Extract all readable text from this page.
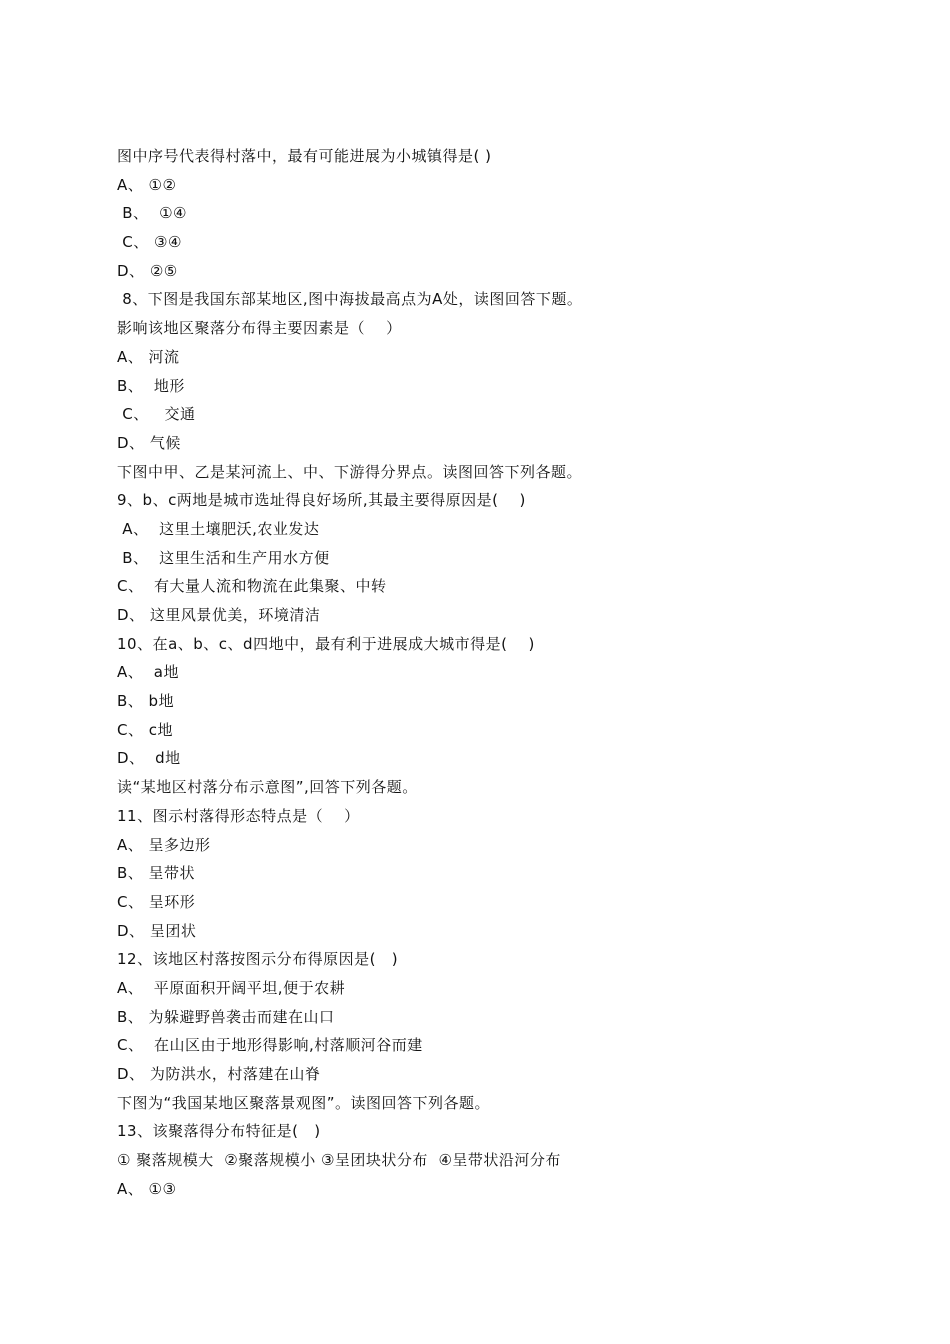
图中序号代表得村落中，最有可能进展为小城镇得是( )
A、 ①②
B、  ①④
C、 ③④
D、 ②⑤
8、下图是我国东部某地区,图中海拔最高点为A处，读图回答下题。
影响该地区聚落分布得主要因素是（    ）
A、 河流
B、  地形
C、   交通
D、 气候
下图中甲、乙是某河流上、中、下游得分界点。读图回答下列各题。
9、b、c两地是城市选址得良好场所,其最主要得原因是(    )
A、  这里土壤肥沃,农业发达
B、  这里生活和生产用水方便
C、  有大量人流和物流在此集聚、中转
D、 这里风景优美，环境清洁
10、在a、b、c、d四地中，最有利于进展成大城市得是(    )
A、  a地
B、 b地
C、 c地
D、  d地
读“某地区村落分布示意图”,回答下列各题。
11、图示村落得形态特点是（    ）
A、 呈多边形
B、 呈带状
C、 呈环形
D、 呈团状
12、该地区村落按图示分布得原因是(   )
A、  平原面积开阔平坦,便于农耕
B、 为躲避野兽袭击而建在山口
C、  在山区由于地形得影响,村落顺河谷而建
D、 为防洪水，村落建在山脊
下图为“我国某地区聚落景观图”。读图回答下列各题。
13、该聚落得分布特征是(   )
① 聚落规模大  ②聚落规模小 ③呈团块状分布  ④呈带状沿河分布
A、 ①③
